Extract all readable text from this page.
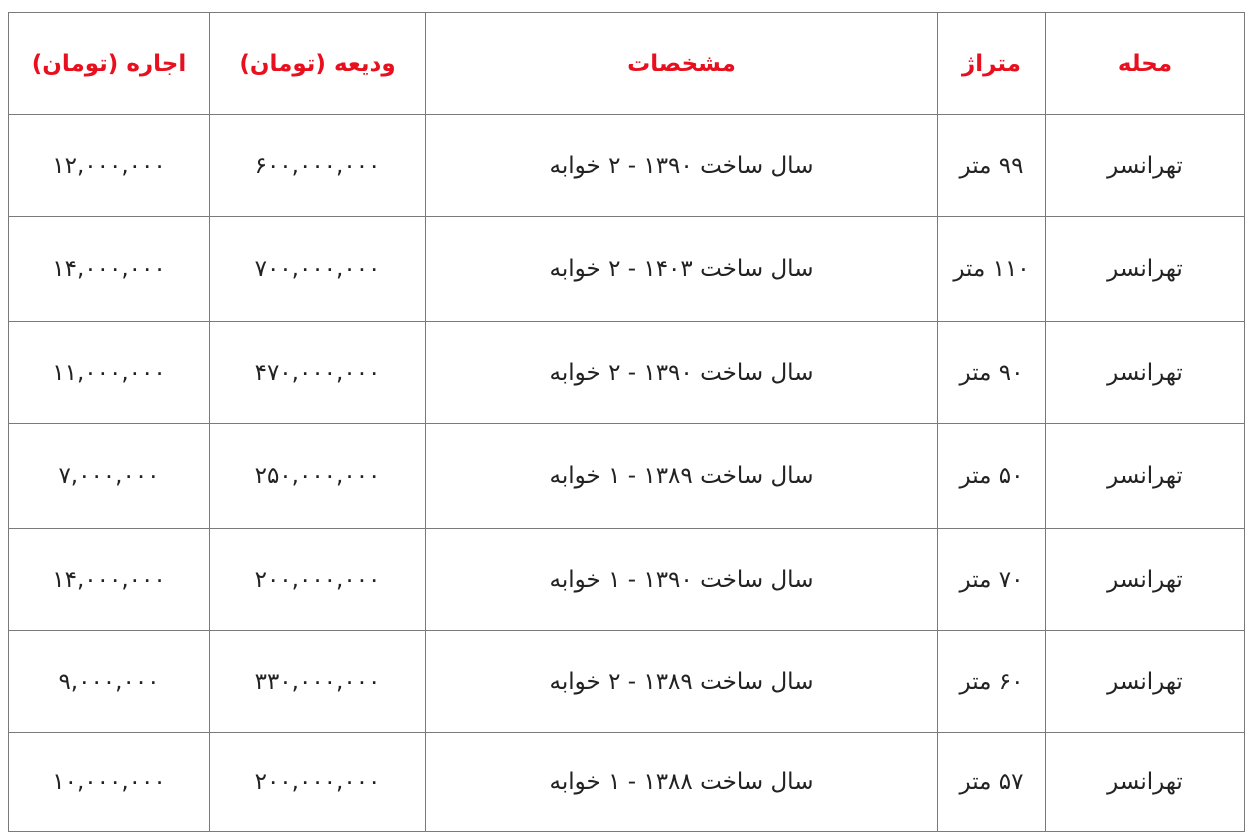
محله	متراژ	مشخصات	ودیعه (تومان)	اجاره (تومان)
تهرانسر	۹۹ متر	سال ساخت ۱۳۹۰ - ۲ خوابه	۶۰۰,۰۰۰,۰۰۰	۱۲,۰۰۰,۰۰۰
تهرانسر	۱۱۰ متر	سال ساخت ۱۴۰۳ - ۲ خوابه	۷۰۰,۰۰۰,۰۰۰	۱۴,۰۰۰,۰۰۰
تهرانسر	۹۰ متر	سال ساخت ۱۳۹۰ - ۲ خوابه	۴۷۰,۰۰۰,۰۰۰	۱۱,۰۰۰,۰۰۰
تهرانسر	۵۰ متر	سال ساخت ۱۳۸۹ - ۱ خوابه	۲۵۰,۰۰۰,۰۰۰	۷,۰۰۰,۰۰۰
تهرانسر	۷۰ متر	سال ساخت ۱۳۹۰ - ۱ خوابه	۲۰۰,۰۰۰,۰۰۰	۱۴,۰۰۰,۰۰۰
تهرانسر	۶۰ متر	سال ساخت ۱۳۸۹ - ۲ خوابه	۳۳۰,۰۰۰,۰۰۰	۹,۰۰۰,۰۰۰
تهرانسر	۵۷ متر	سال ساخت ۱۳۸۸ - ۱ خوابه	۲۰۰,۰۰۰,۰۰۰	۱۰,۰۰۰,۰۰۰
